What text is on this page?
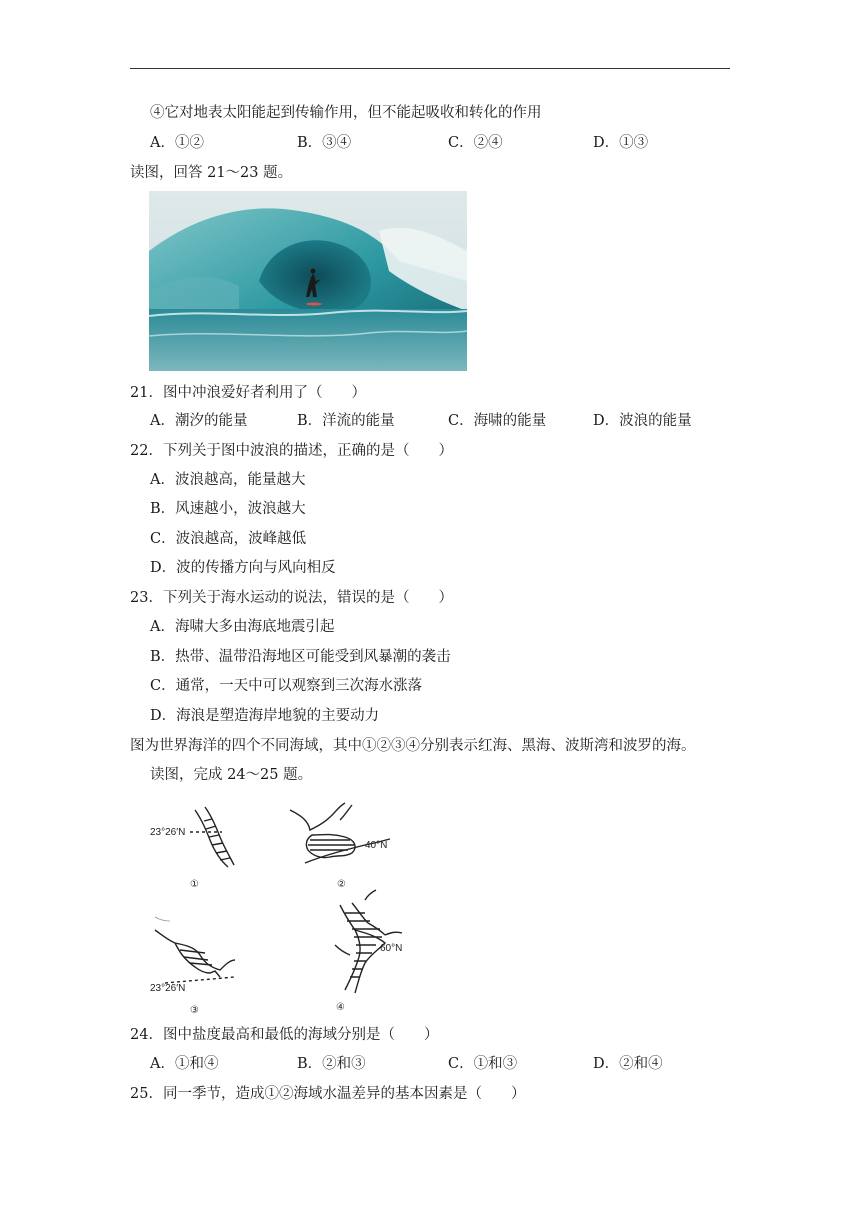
④它对地表太阳能起到传输作用，但不能起吸收和转化的作用
A．①②	B．③④	C．②④	D．①③
读图，回答 21～23 题。
21．图中冲浪爱好者利用了（　　）
A．潮汐的能量	B．洋流的能量	C．海啸的能量	D．波浪的能量
22．下列关于图中波浪的描述，正确的是（　　）
A．波浪越高，能量越大
B．风速越小，波浪越大
C．波浪越高，波峰越低
D．波的传播方向与风向相反
23．下列关于海水运动的说法，错误的是（　　）
A．海啸大多由海底地震引起
B．热带、温带沿海地区可能受到风暴潮的袭击
C．通常，一天中可以观察到三次海水涨落
D．海浪是塑造海岸地貌的主要动力
图为世界海洋的四个不同海域，其中①②③④分别表示红海、黑海、波斯湾和波罗的海。
读图，完成 24～25 题。
23°26′N
①
40°N
②
23°26′N
③
60°N
④
24．图中盐度最高和最低的海域分别是（　　）
A．①和④	B．②和③	C．①和③	D．②和④
25．同一季节，造成①②海域水温差异的基本因素是（　　）
